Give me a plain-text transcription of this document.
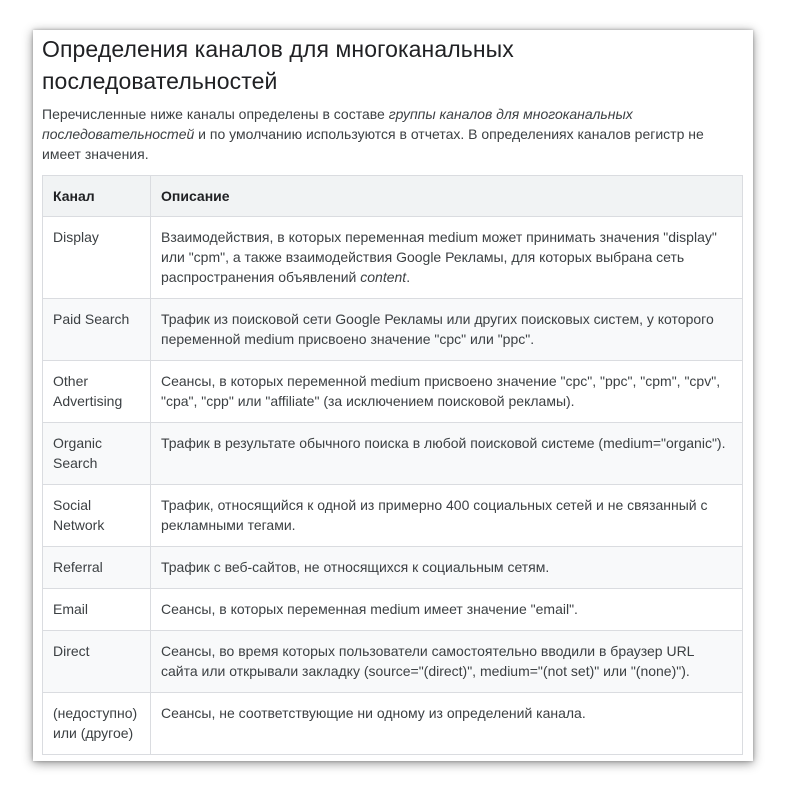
Определения каналов для многоканальных последовательностей

Перечисленные ниже каналы определены в составе группы каналов для многоканальных последовательностей и по умолчанию используются в отчетах. В определениях каналов регистр не имеет значения.

Канал	Описание
Display	Взаимодействия, в которых переменная medium может принимать значения "display" или "cpm", а также взаимодействия Google Рекламы, для которых выбрана сеть распространения объявлений content.
Paid Search	Трафик из поисковой сети Google Рекламы или других поисковых систем, у которого переменной medium присвоено значение "cpc" или "ppc".
Other Advertising	Сеансы, в которых переменной medium присвоено значение "cpc", "ppc", "cpm", "cpv", "cpa", "cpp" или "affiliate" (за исключением поисковой рекламы).
Organic Search	Трафик в результате обычного поиска в любой поисковой системе (medium="organic").
Social Network	Трафик, относящийся к одной из примерно 400 социальных сетей и не связанный с рекламными тегами.
Referral	Трафик с веб-сайтов, не относящихся к социальным сетям.
Email	Сеансы, в которых переменная medium имеет значение "email".
Direct	Сеансы, во время которых пользователи самостоятельно вводили в браузер URL сайта или открывали закладку (source="(direct)", medium="(not set)" или "(none)").
(недоступно) или (другое)	Сеансы, не соответствующие ни одному из определений канала.
